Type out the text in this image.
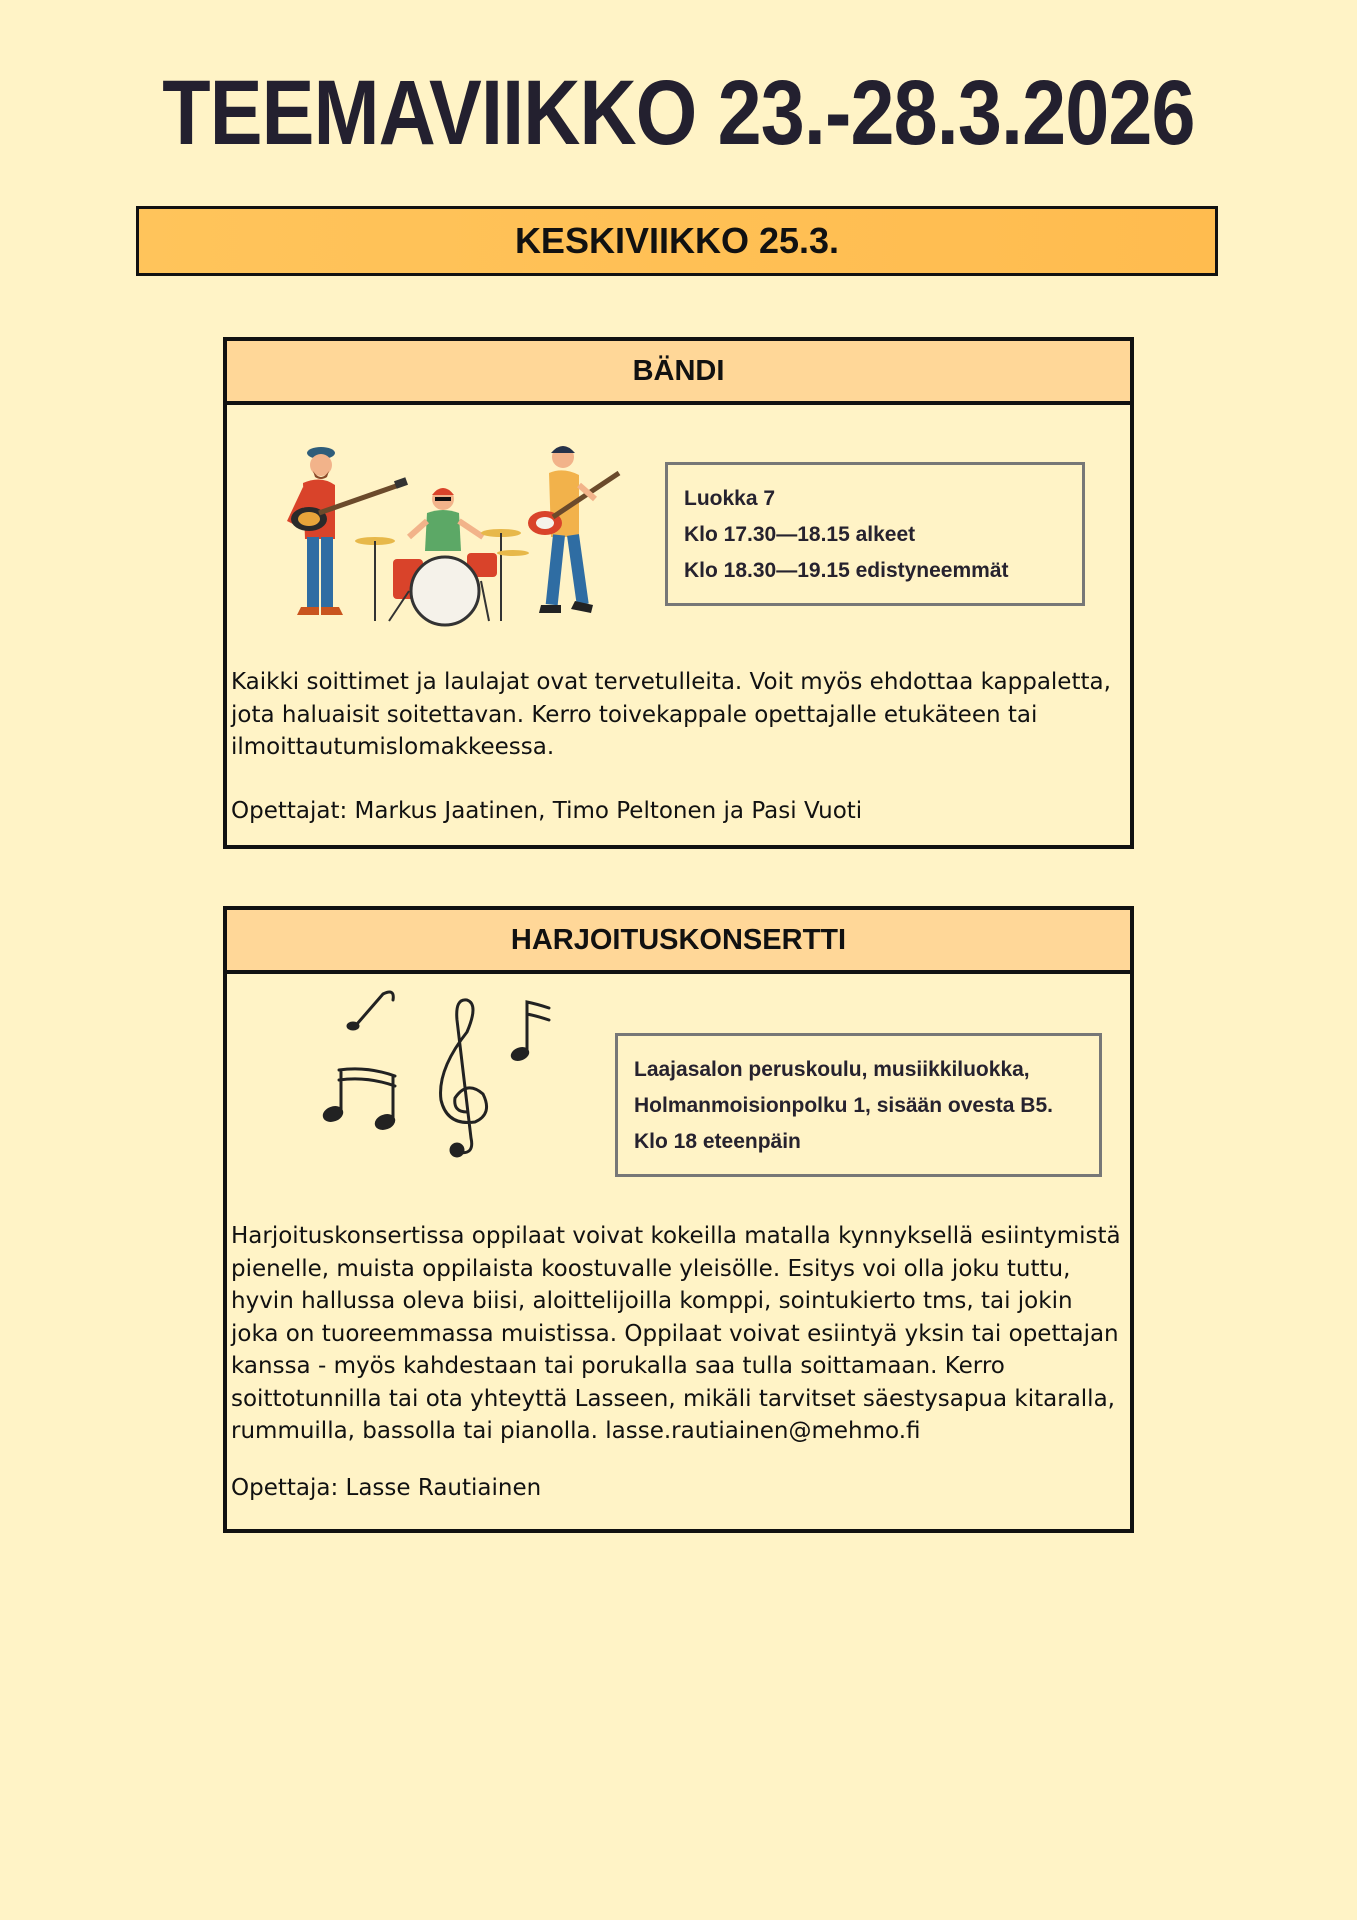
TEEMAVIIKKO 23.-28.3.2026
KESKIVIIKKO 25.3.
BÄNDI
Luokka 7
Klo 17.30—18.15 alkeet
Klo 18.30—19.15 edistyneemmät
Kaikki soittimet ja laulajat ovat tervetulleita. Voit myös ehdottaa kappaletta, jota haluaisit soitettavan. Kerro toivekappale opettajalle etukäteen tai ilmoittautumislomakkeessa.
Opettajat: Markus Jaatinen, Timo Peltonen ja Pasi Vuoti
HARJOITUSKONSERTTI
Laajasalon peruskoulu, musiikkiluokka,
Holmanmoisionpolku 1, sisään ovesta B5.
Klo 18 eteenpäin
Harjoituskonsertissa oppilaat voivat kokeilla matalla kynnyksellä esiintymistä pienelle, muista oppilaista koostuvalle yleisölle. Esitys voi olla joku tuttu, hyvin hallussa oleva biisi, aloittelijoilla komppi, sointukierto tms, tai jokin joka on tuoreemmassa muistissa. Oppilaat voivat esiintyä yksin tai opettajan kanssa - myös kahdestaan tai porukalla saa tulla soittamaan. Kerro soittotunnilla tai ota yhteyttä Lasseen, mikäli tarvitset säestysapua kitaralla, rummuilla, bassolla tai pianolla. lasse.rautiainen@mehmo.fi
Opettaja: Lasse Rautiainen
